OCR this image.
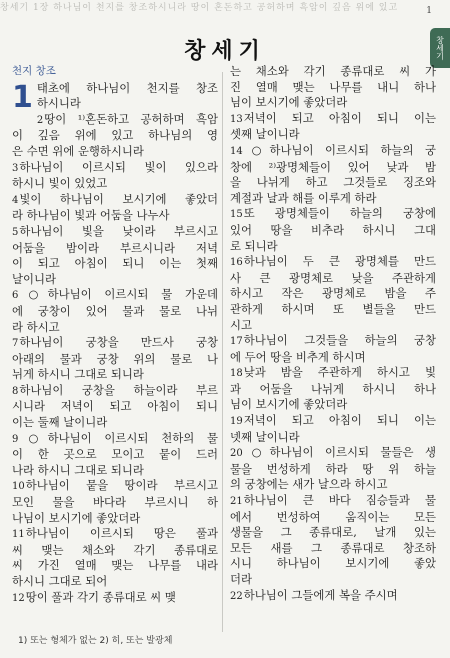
창세기 1장 하나님이 천지를 창조하시니라 땅이 혼돈하고 공허하며 흑암이 깊음 위에 있고	1
창세기
창세기
천지 창조
1 태초에 하나님이 천지를 창조
하시니라
2땅이 ¹⁾혼돈하고 공허하며 흑암
이 깊음 위에 있고 하나님의 영
은 수면 위에 운행하시니라
3하나님이 이르시되 빛이 있으라
하시니 빛이 있었고
4빛이 하나님이 보시기에 좋았더
라 하나님이 빛과 어둠을 나누사
5하나님이 빛을 낮이라 부르시고
어둠을 밤이라 부르시니라 저녁
이 되고 아침이 되니 이는 첫째
날이니라
6○하나님이 이르시되 물 가운데
에 궁창이 있어 물과 물로 나뉘
라 하시고
7하나님이 궁창을 만드사 궁창
아래의 물과 궁창 위의 물로 나
뉘게 하시니 그대로 되니라
8하나님이 궁창을 하늘이라 부르
시니라 저녁이 되고 아침이 되니
이는 둘째 날이니라
9○하나님이 이르시되 천하의 물
이 한 곳으로 모이고 뭍이 드러
나라 하시니 그대로 되니라
10하나님이 뭍을 땅이라 부르시고
모인 물을 바다라 부르시니 하
나님이 보시기에 좋았더라
11하나님이 이르시되 땅은 풀과
씨 맺는 채소와 각기 종류대로
씨 가진 열매 맺는 나무를 내라
하시니 그대로 되어
12땅이 풀과 각기 종류대로 씨 맺
는 채소와 각기 종류대로 씨 가
진 열매 맺는 나무를 내니 하나
님이 보시기에 좋았더라
13저녁이 되고 아침이 되니 이는
셋째 날이니라
14○하나님이 이르시되 하늘의 궁
창에 ²⁾광명체들이 있어 낮과 밤
을 나뉘게 하고 그것들로 징조와
계절과 날과 해를 이루게 하라
15또 광명체들이 하늘의 궁창에
있어 땅을 비추라 하시니 그대
로 되니라
16하나님이 두 큰 광명체를 만드
사 큰 광명체로 낮을 주관하게
하시고 작은 광명체로 밤을 주
관하게 하시며 또 별들을 만드
시고
17하나님이 그것들을 하늘의 궁창
에 두어 땅을 비추게 하시며
18낮과 밤을 주관하게 하시고 빛
과 어둠을 나뉘게 하시니 하나
님이 보시기에 좋았더라
19저녁이 되고 아침이 되니 이는
넷째 날이니라
20○하나님이 이르시되 물들은 생
물을 번성하게 하라 땅 위 하늘
의 궁창에는 새가 날으라 하시고
21하나님이 큰 바다 짐승들과 물
에서 번성하여 움직이는 모든
생물을 그 종류대로, 날개 있는
모든 새를 그 종류대로 창조하
시니 하나님이 보시기에 좋았
더라
22하나님이 그들에게 복을 주시며
1) 또는 형체가 없는 2) 히, 또는 발광체
